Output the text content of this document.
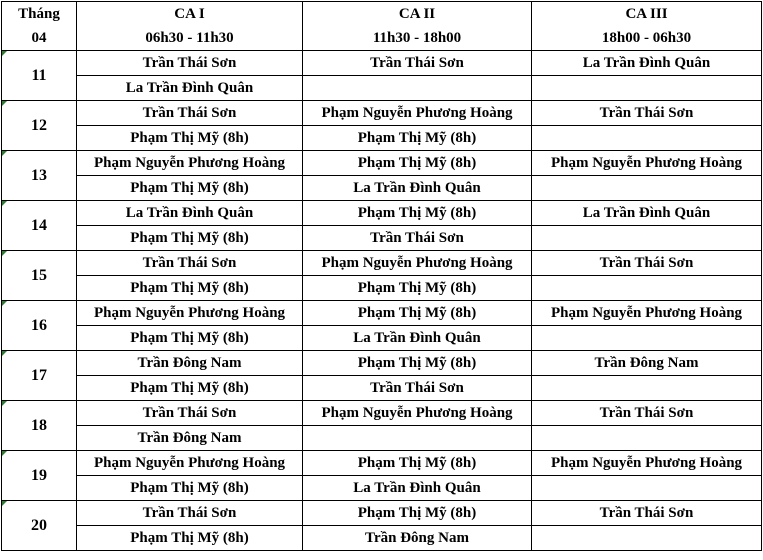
Tháng	CA I	CA II	CA III
04	06h30 - 11h30	11h30 - 18h00	18h00 - 06h30
11	Trần Thái Sơn	Trần Thái Sơn	La Trần Đình Quân
	La Trần Đình Quân		
12	Trần Thái Sơn	Phạm Nguyễn Phương Hoàng	Trần Thái Sơn
	Phạm Thị Mỹ (8h)	Phạm Thị Mỹ (8h)	
13	Phạm Nguyễn Phương Hoàng	Phạm Thị Mỹ (8h)	Phạm Nguyễn Phương Hoàng
	Phạm Thị Mỹ (8h)	La Trần Đình Quân	
14	La Trần Đình Quân	Phạm Thị Mỹ (8h)	La Trần Đình Quân
	Phạm Thị Mỹ (8h)	Trần Thái Sơn	
15	Trần Thái Sơn	Phạm Nguyễn Phương Hoàng	Trần Thái Sơn
	Phạm Thị Mỹ (8h)	Phạm Thị Mỹ (8h)	
16	Phạm Nguyễn Phương Hoàng	Phạm Thị Mỹ (8h)	Phạm Nguyễn Phương Hoàng
	Phạm Thị Mỹ (8h)	La Trần Đình Quân	
17	Trần Đông Nam	Phạm Thị Mỹ (8h)	Trần Đông Nam
	Phạm Thị Mỹ (8h)	Trần Thái Sơn	
18	Trần Thái Sơn	Phạm Nguyễn Phương Hoàng	Trần Thái Sơn
	Trần Đông Nam		
19	Phạm Nguyễn Phương Hoàng	Phạm Thị Mỹ (8h)	Phạm Nguyễn Phương Hoàng
	Phạm Thị Mỹ (8h)	La Trần Đình Quân	
20	Trần Thái Sơn	Phạm Thị Mỹ (8h)	Trần Thái Sơn
	Phạm Thị Mỹ (8h)	Trần Đông Nam	
